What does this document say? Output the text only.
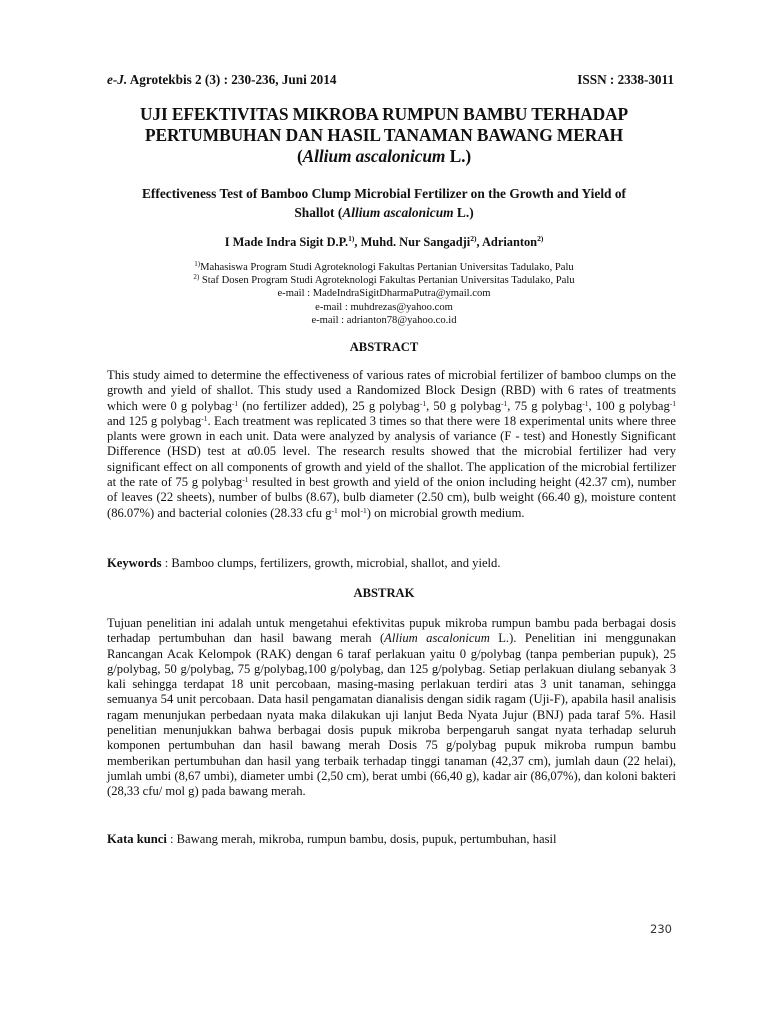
e-J. Agrotekbis 2 (3) : 230-236, Juni 2014	ISSN : 2338-3011
UJI EFEKTIVITAS MIKROBA RUMPUN BAMBU TERHADAP
PERTUMBUHAN DAN HASIL TANAMAN BAWANG MERAH
(Allium ascalonicum L.)
Effectiveness Test of Bamboo Clump Microbial Fertilizer on the Growth and Yield of
Shallot (Allium ascalonicum L.)
I Made Indra Sigit D.P.$^{1)}$, Muhd. Nur Sangadji$^{2)}$, Adrianton$^{2)}$
$^{1)}$Mahasiswa Program Studi Agroteknologi Fakultas Pertanian Universitas Tadulako, Palu
$^{2)}$ Staf Dosen Program Studi Agroteknologi Fakultas Pertanian Universitas Tadulako, Palu
e-mail : MadeIndraSigitDharmaPutra@ymail.com
e-mail : muhdrezas@yahoo.com
e-mail : adrianton78@yahoo.co.id
ABSTRACT
This study aimed to determine the effectiveness of various rates of microbial fertilizer of bamboo clumps on the growth and yield of shallot. This study used a Randomized Block Design (RBD) with 6 rates of treatments which were 0 g polybag$^{-1}$ (no fertilizer added), 25 g polybag$^{-1}$, 50 g polybag$^{-1}$, 75 g polybag$^{-1}$, 100 g polybag$^{-1}$ and 125 g polybag$^{-1}$. Each treatment was replicated 3 times so that there were 18 experimental units where three plants were grown in each unit. Data were analyzed by analysis of variance (F - test) and Honestly Significant Difference (HSD) test at α0.05 level. The research results showed that the microbial fertilizer had very significant effect on all components of growth and yield of the shallot. The application of the microbial fertilizer at the rate of 75 g polybag$^{-1}$ resulted in best growth and yield of the onion including height (42.37 cm), number of leaves (22 sheets), number of bulbs (8.67), bulb diameter (2.50 cm), bulb weight (66.40 g), moisture content (86.07%) and bacterial colonies (28.33 cfu $g^{-1}$ mol$^{-1}$) on microbial growth medium.
Keywords : Bamboo clumps, fertilizers, growth, microbial, shallot, and yield.
ABSTRAK
Tujuan penelitian ini adalah untuk mengetahui efektivitas pupuk mikroba rumpun bambu pada berbagai dosis terhadap pertumbuhan dan hasil bawang merah (Allium ascalonicum L.). Penelitian ini menggunakan Rancangan Acak Kelompok (RAK) dengan 6 taraf perlakuan yaitu 0 g/polybag (tanpa pemberian pupuk), 25 g/polybag, 50 g/polybag, 75 g/polybag,100 g/polybag, dan 125 g/polybag. Setiap perlakuan diulang sebanyak 3 kali sehingga terdapat 18 unit percobaan, masing-masing perlakuan terdiri atas 3 unit tanaman, sehingga semuanya 54 unit percobaan. Data hasil pengamatan dianalisis dengan sidik ragam (Uji-F), apabila hasil analisis ragam menunjukan perbedaan nyata maka dilakukan uji lanjut Beda Nyata Jujur (BNJ) pada taraf 5%. Hasil penelitian menunjukkan bahwa berbagai dosis pupuk mikroba berpengaruh sangat nyata terhadap seluruh komponen pertumbuhan dan hasil bawang merah Dosis 75 g/polybag pupuk mikroba rumpun bambu memberikan pertumbuhan dan hasil yang terbaik terhadap tinggi tanaman (42,37 cm), jumlah daun (22 helai), jumlah umbi (8,67 umbi), diameter umbi (2,50 cm), berat umbi (66,40 g), kadar air (86,07%), dan koloni bakteri (28,33 cfu/ mol g) pada bawang merah.
Kata kunci : Bawang merah, mikroba, rumpun bambu, dosis, pupuk, pertumbuhan, hasil
230
